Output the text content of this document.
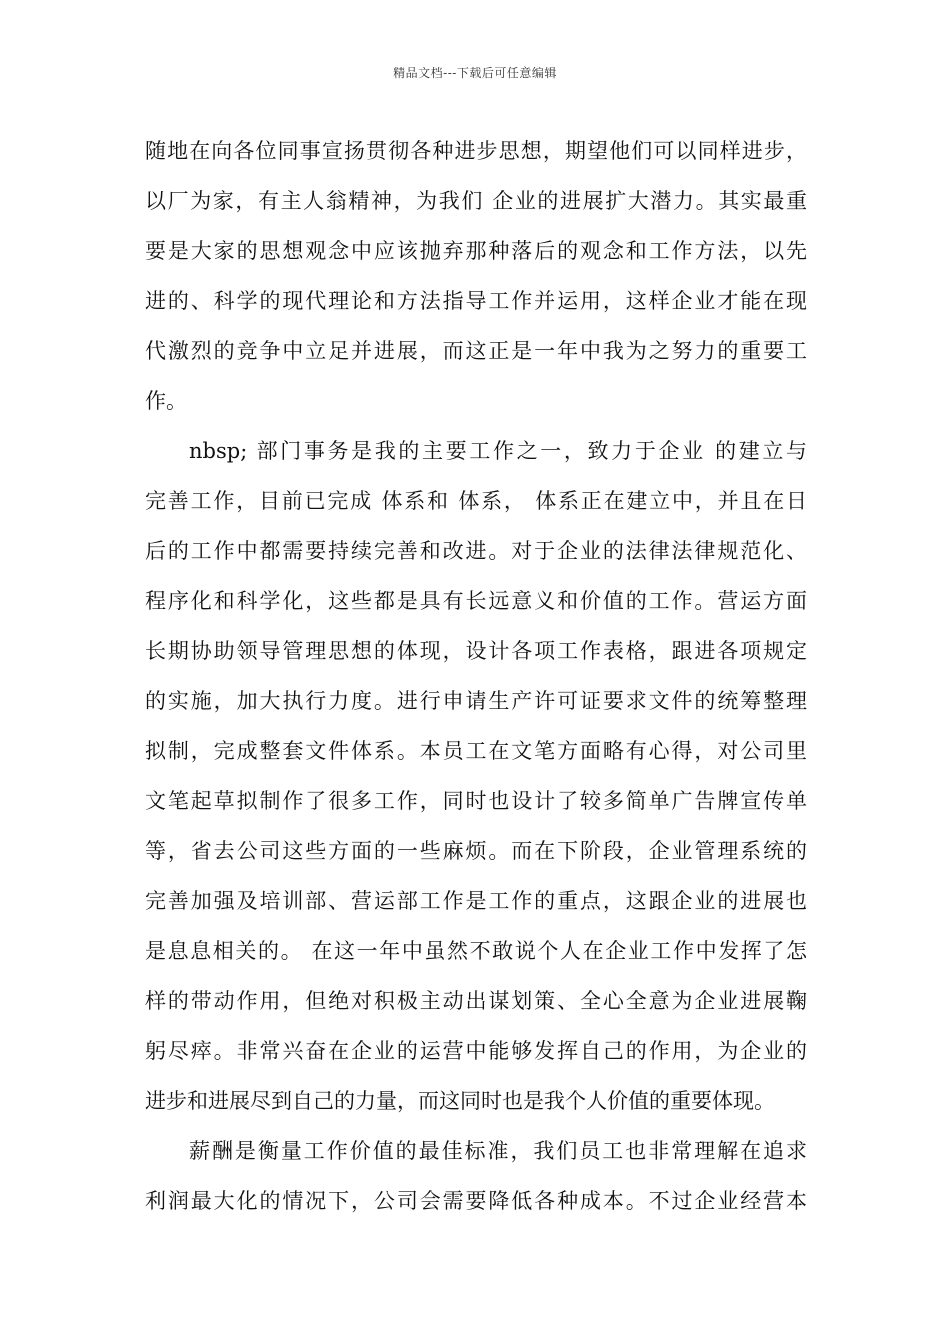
精品文档---下载后可任意编辑
随地在向各位同事宣扬贯彻各种进步思想，期望他们可以同样进步，
以厂为家，有主人翁精神，为我们 企业的进展扩大潜力。其实最重
要是大家的思想观念中应该抛弃那种落后的观念和工作方法，以先
进的、科学的现代理论和方法指导工作并运用，这样企业才能在现
代激烈的竞争中立足并进展，而这正是一年中我为之努力的重要工
作。
nbsp; 部门事务是我的主要工作之一，致力于企业 的建立与
完善工作，目前已完成 体系和 体系， 体系正在建立中，并且在日
后的工作中都需要持续完善和改进。对于企业的法律法律规范化、
程序化和科学化，这些都是具有长远意义和价值的工作。营运方面
长期协助领导管理思想的体现，设计各项工作表格，跟进各项规定
的实施，加大执行力度。进行申请生产许可证要求文件的统筹整理
拟制，完成整套文件体系。本员工在文笔方面略有心得，对公司里
文笔起草拟制作了很多工作，同时也设计了较多简单广告牌宣传单
等，省去公司这些方面的一些麻烦。而在下阶段，企业管理系统的
完善加强及培训部、营运部工作是工作的重点，这跟企业的进展也
是息息相关的。 在这一年中虽然不敢说个人在企业工作中发挥了怎
样的带动作用，但绝对积极主动出谋划策、全心全意为企业进展鞠
躬尽瘁。非常兴奋在企业的运营中能够发挥自己的作用，为企业的
进步和进展尽到自己的力量，而这同时也是我个人价值的重要体现。
薪酬是衡量工作价值的最佳标准，我们员工也非常理解在追求
利润最大化的情况下，公司会需要降低各种成本。不过企业经营本
